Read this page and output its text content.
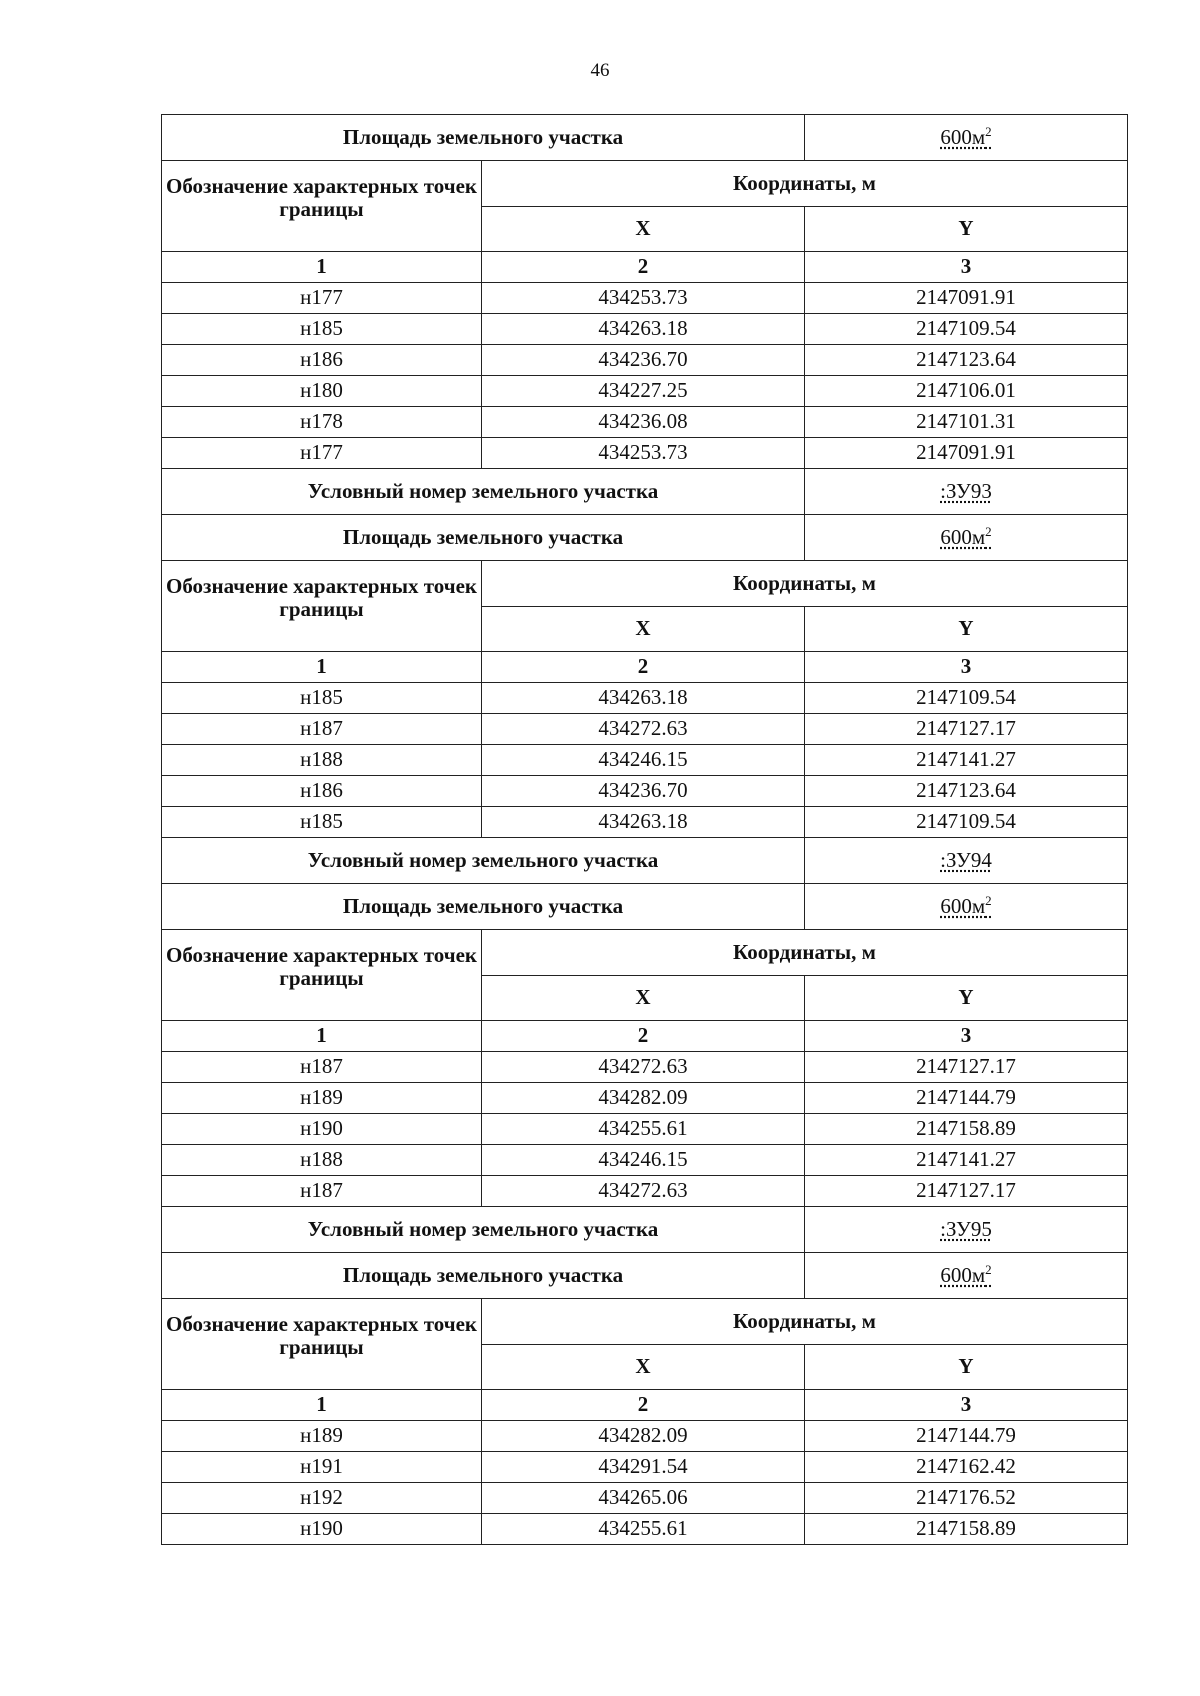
46
Площадь земельного участка		$600м^2$

Обозначение характерных точек границы	Координаты, м	
	X	Y
1	2	3
н177	434253.73	2147091.91
н185	434263.18	2147109.54
н186	434236.70	2147123.64
н180	434227.25	2147106.01
н178	434236.08	2147101.31
н177	434253.73	2147091.91
Условный номер земельного участка		:ЗУ93
Площадь земельного участка		$600м^2$

Обозначение характерных точек границы	Координаты, м	
	X	Y
1	2	3
н185	434263.18	2147109.54
н187	434272.63	2147127.17
н188	434246.15	2147141.27
н186	434236.70	2147123.64
н185	434263.18	2147109.54
Условный номер земельного участка		:ЗУ94
Площадь земельного участка		$600м^2$

Обозначение характерных точек границы	Координаты, м	
	X	Y
1	2	3
н187	434272.63	2147127.17
н189	434282.09	2147144.79
н190	434255.61	2147158.89
н188	434246.15	2147141.27
н187	434272.63	2147127.17
Условный номер земельного участка		:ЗУ95
Площадь земельного участка		$600м^2$

Обозначение характерных точек границы	Координаты, м	
	X	Y
1	2	3
н189	434282.09	2147144.79
н191	434291.54	2147162.42
н192	434265.06	2147176.52
н190	434255.61	2147158.89
